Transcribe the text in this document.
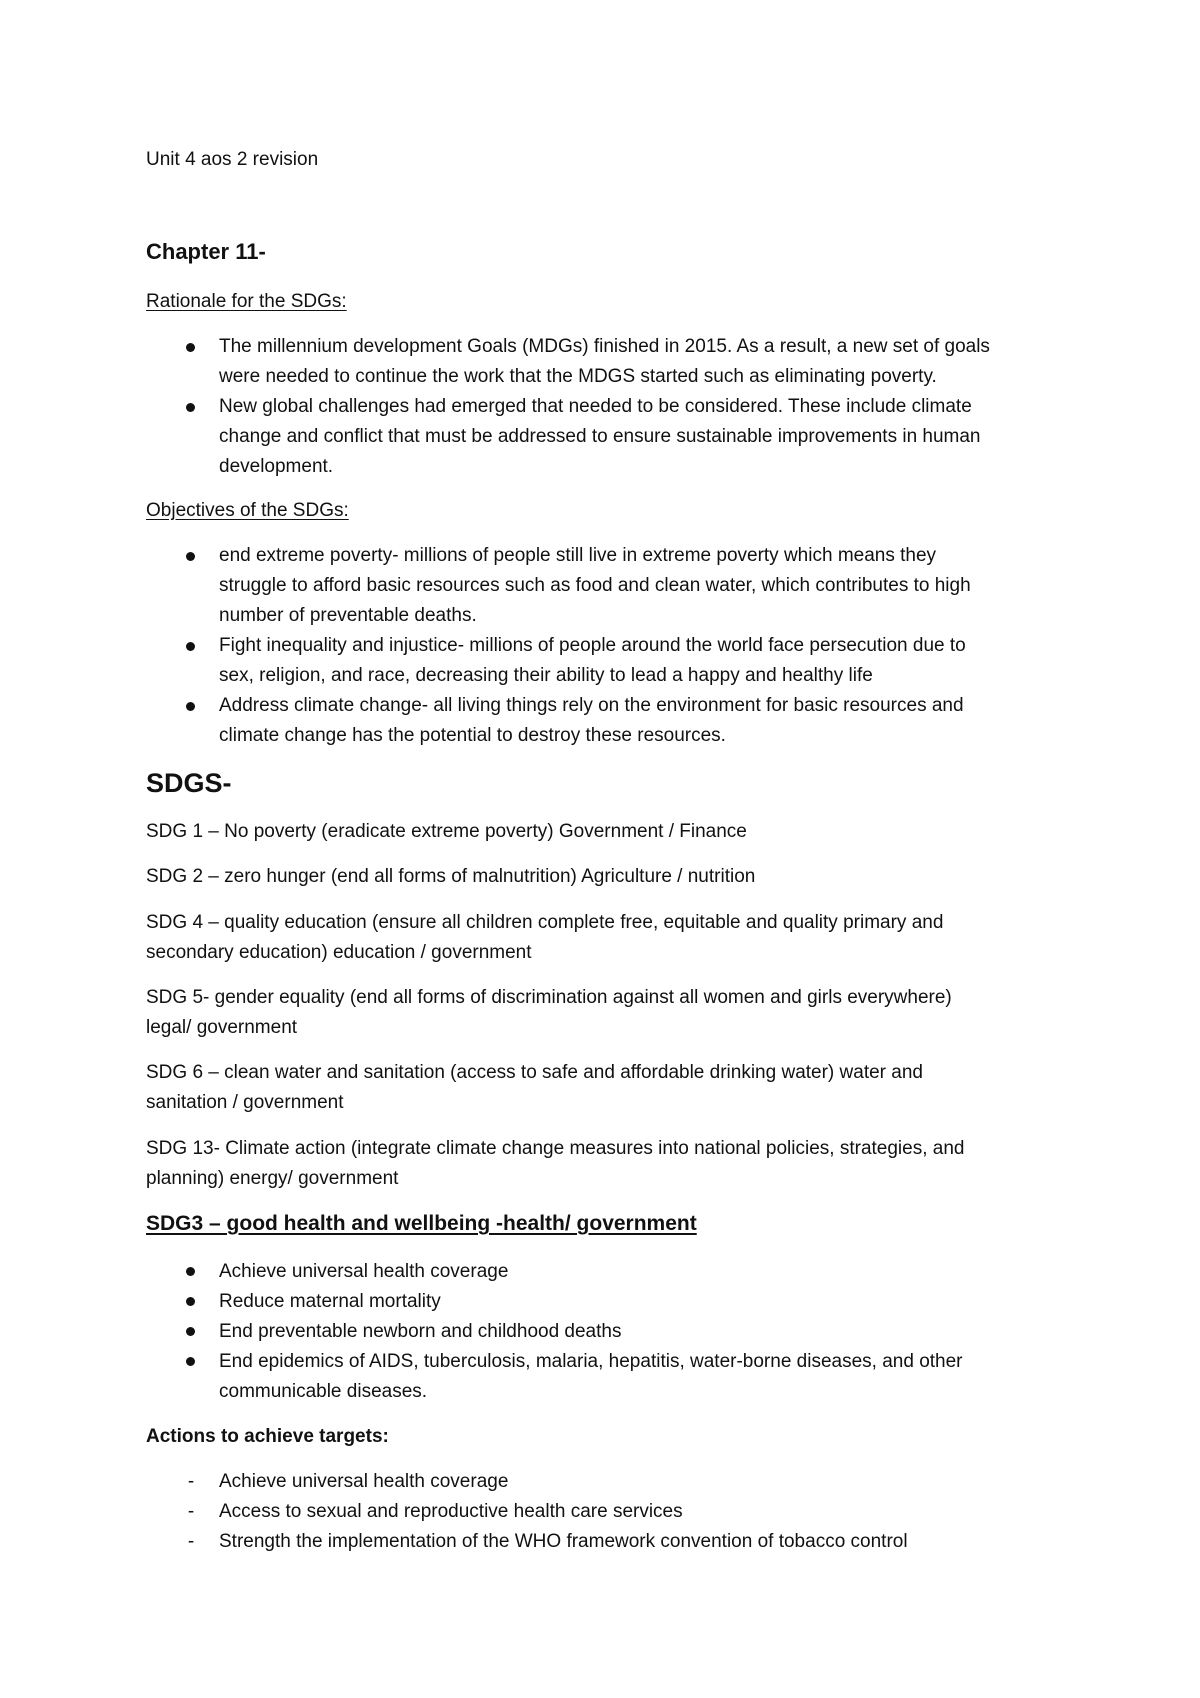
Unit 4 aos 2 revision

Chapter 11-

Rationale for the SDGs:

The millennium development Goals (MDGs) finished in 2015. As a result, a new set of goals
were needed to continue the work that the MDGS started such as eliminating poverty.
New global challenges had emerged that needed to be considered. These include climate
change and conflict that must be addressed to ensure sustainable improvements in human
development.

Objectives of the SDGs:

end extreme poverty- millions of people still live in extreme poverty which means they
struggle to afford basic resources such as food and clean water, which contributes to high
number of preventable deaths.
Fight inequality and injustice- millions of people around the world face persecution due to
sex, religion, and race, decreasing their ability to lead a happy and healthy life
Address climate change- all living things rely on the environment for basic resources and
climate change has the potential to destroy these resources.

SDGS-

SDG 1 – No poverty (eradicate extreme poverty) Government / Finance
SDG 2 – zero hunger (end all forms of malnutrition) Agriculture / nutrition
SDG 4 – quality education (ensure all children complete free, equitable and quality primary and
secondary education) education / government
SDG 5- gender equality (end all forms of discrimination against all women and girls everywhere)
legal/ government
SDG 6 – clean water and sanitation (access to safe and affordable drinking water) water and
sanitation / government
SDG 13- Climate action (integrate climate change measures into national policies, strategies, and
planning) energy/ government

SDG3 – good health and wellbeing -health/ government

Achieve universal health coverage
Reduce maternal mortality
End preventable newborn and childhood deaths
End epidemics of AIDS, tuberculosis, malaria, hepatitis, water-borne diseases, and other
communicable diseases.

Actions to achieve targets:

- Achieve universal health coverage
- Access to sexual and reproductive health care services
- Strength the implementation of the WHO framework convention of tobacco control
